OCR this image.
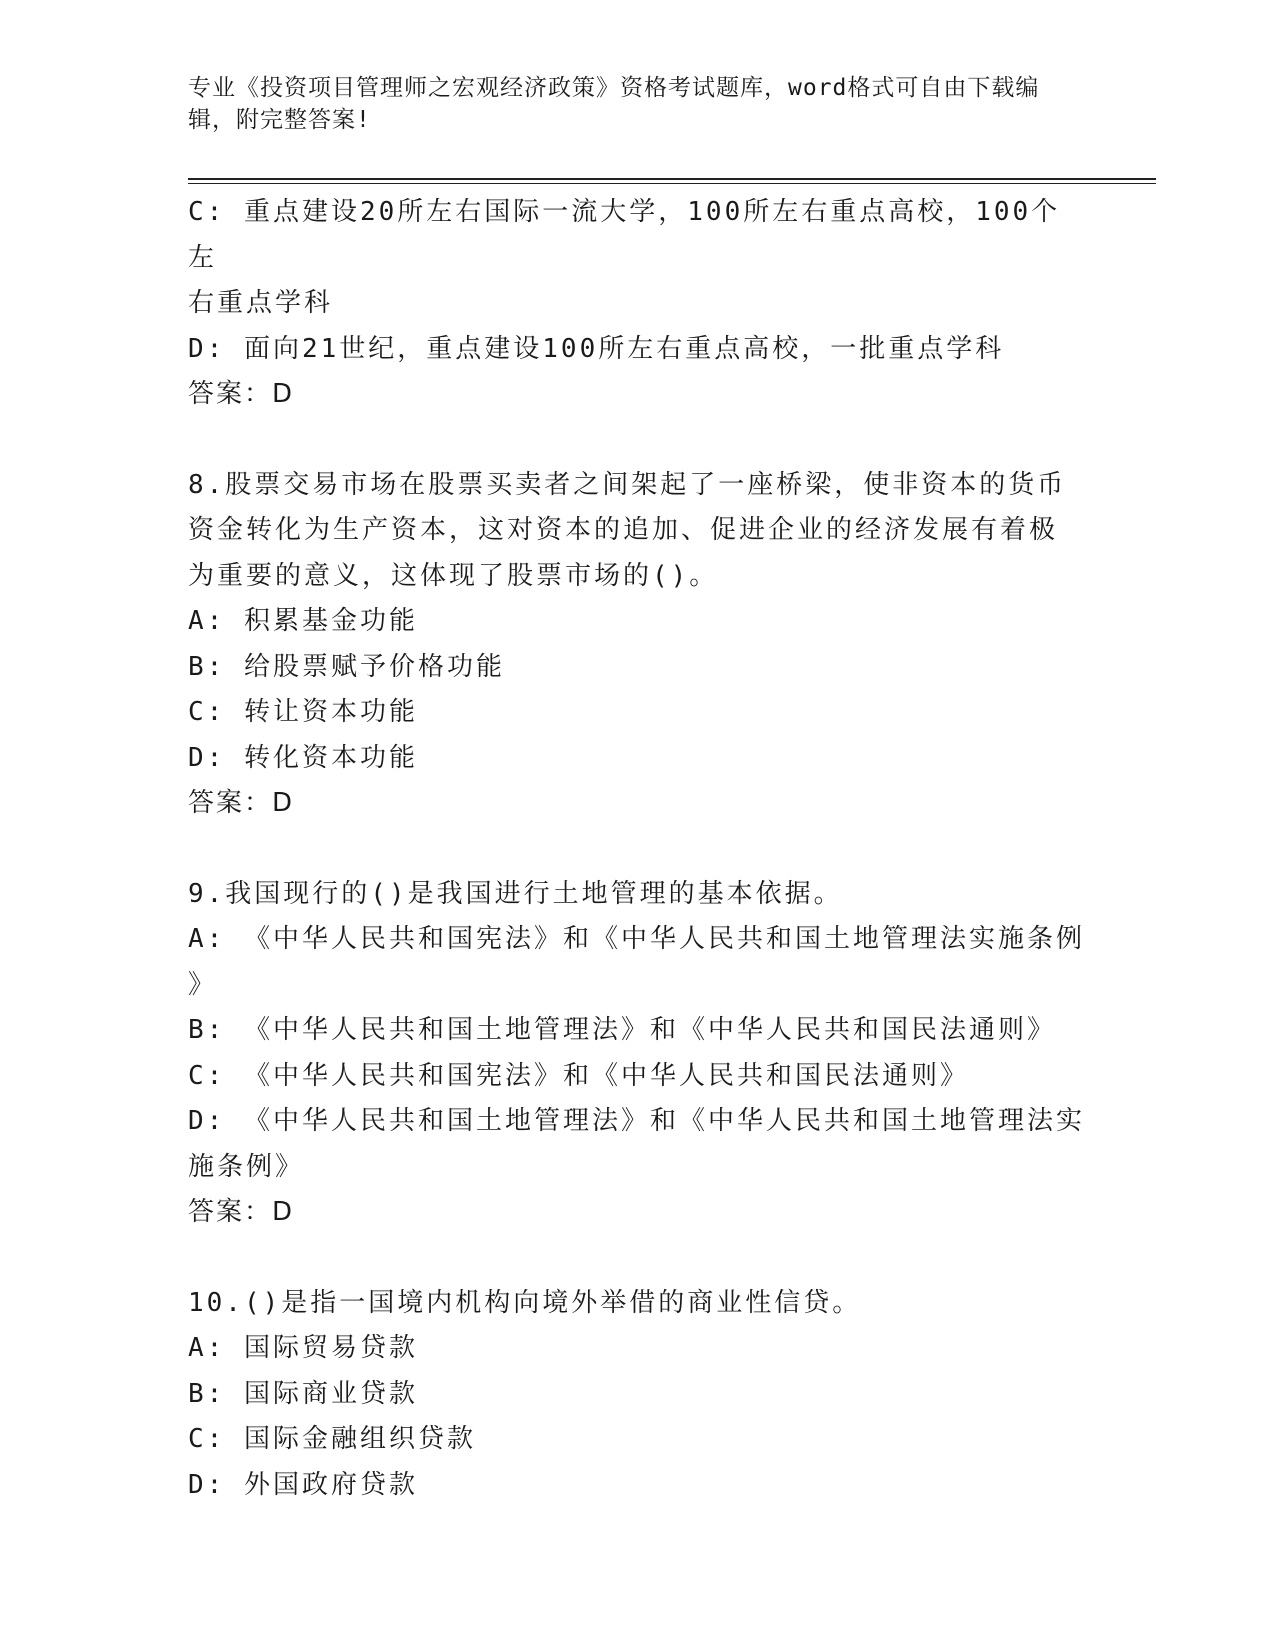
专业《投资项目管理师之宏观经济政策》资格考试题库，word格式可自由下载编

辑，附完整答案!

C: 重点建设20所左右国际一流大学，100所左右重点高校，100个左

右重点学科

D: 面向21世纪，重点建设100所左右重点高校，一批重点学科

答案：D

8.股票交易市场在股票买卖者之间架起了一座桥梁，使非资本的货币

资金转化为生产资本，这对资本的追加、促进企业的经济发展有着极

为重要的意义，这体现了股票市场的()。

A: 积累基金功能

B: 给股票赋予价格功能

C: 转让资本功能

D: 转化资本功能

答案：D

9.我国现行的()是我国进行土地管理的基本依据。

A: 《中华人民共和国宪法》和《中华人民共和国土地管理法实施条例

》

B: 《中华人民共和国土地管理法》和《中华人民共和国民法通则》

C: 《中华人民共和国宪法》和《中华人民共和国民法通则》

D: 《中华人民共和国土地管理法》和《中华人民共和国土地管理法实

施条例》

答案：D

10.()是指一国境内机构向境外举借的商业性信贷。

A: 国际贸易贷款

B: 国际商业贷款

C: 国际金融组织贷款

D: 外国政府贷款
